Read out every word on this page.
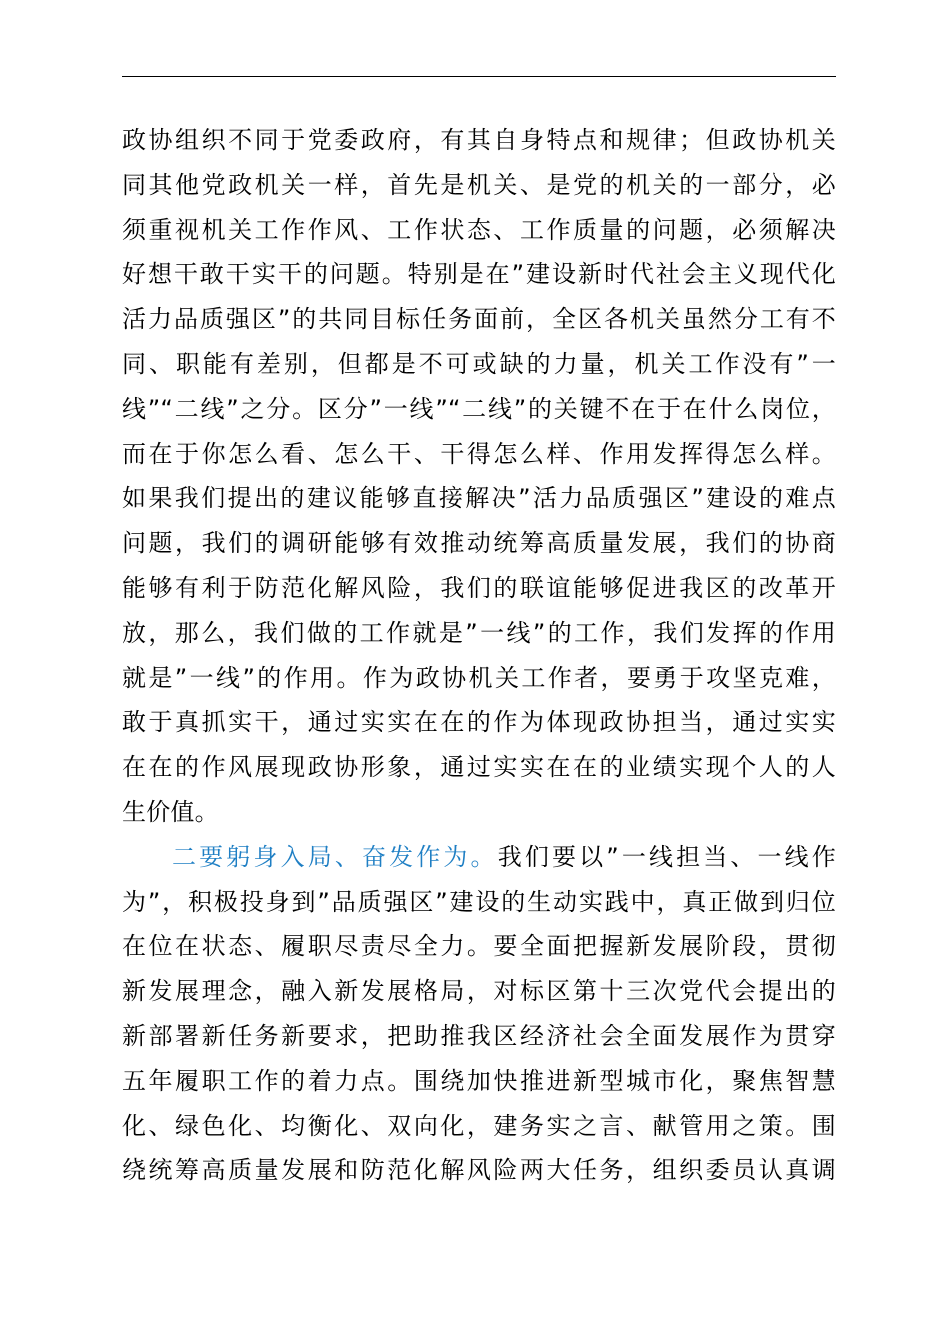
政协组织不同于党委政府，有其自身特点和规律；但政协机关
同其他党政机关一样，首先是机关、是党的机关的一部分，必
须重视机关工作作风、工作状态、工作质量的问题，必须解决
好想干敢干实干的问题。特别是在”建设新时代社会主义现代化
活力品质强区”的共同目标任务面前，全区各机关虽然分工有不
同、职能有差别，但都是不可或缺的力量，机关工作没有”一
线”“二线”之分。区分”一线”“二线”的关键不在于在什么岗位，
而在于你怎么看、怎么干、干得怎么样、作用发挥得怎么样。
如果我们提出的建议能够直接解决”活力品质强区”建设的难点
问题，我们的调研能够有效推动统筹高质量发展，我们的协商
能够有利于防范化解风险，我们的联谊能够促进我区的改革开
放，那么，我们做的工作就是”一线”的工作，我们发挥的作用
就是”一线”的作用。作为政协机关工作者，要勇于攻坚克难，
敢于真抓实干，通过实实在在的作为体现政协担当，通过实实
在在的作风展现政协形象，通过实实在在的业绩实现个人的人
生价值。
二要躬身入局、奋发作为。我们要以”一线担当、一线作
为”，积极投身到”品质强区”建设的生动实践中，真正做到归位
在位在状态、履职尽责尽全力。要全面把握新发展阶段，贯彻
新发展理念，融入新发展格局，对标区第十三次党代会提出的
新部署新任务新要求，把助推我区经济社会全面发展作为贯穿
五年履职工作的着力点。围绕加快推进新型城市化，聚焦智慧
化、绿色化、均衡化、双向化，建务实之言、献管用之策。围
绕统筹高质量发展和防范化解风险两大任务，组织委员认真调
